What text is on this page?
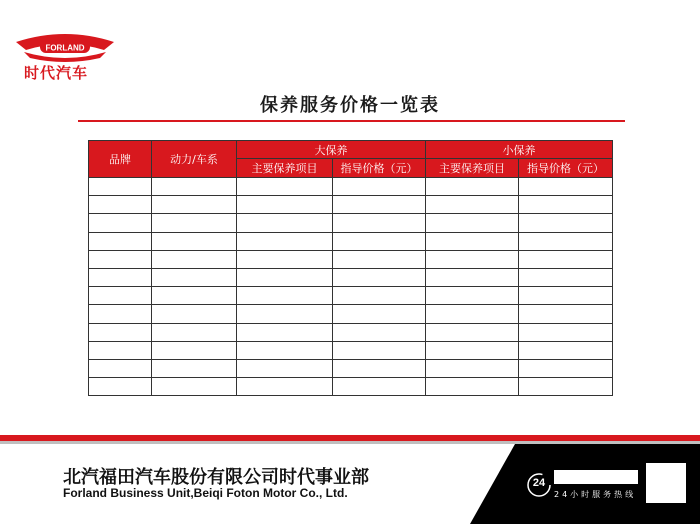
FORLAND
时代汽车
保养服务价格一览表
品牌	动力/车系	大保养		小保养	
		主要保养项目	指导价格（元）	主要保养项目	指导价格（元）

北汽福田汽车股份有限公司时代事业部
Forland Business Unit,Beiqi Foton Motor Co., Ltd.
24
24小时服务热线
